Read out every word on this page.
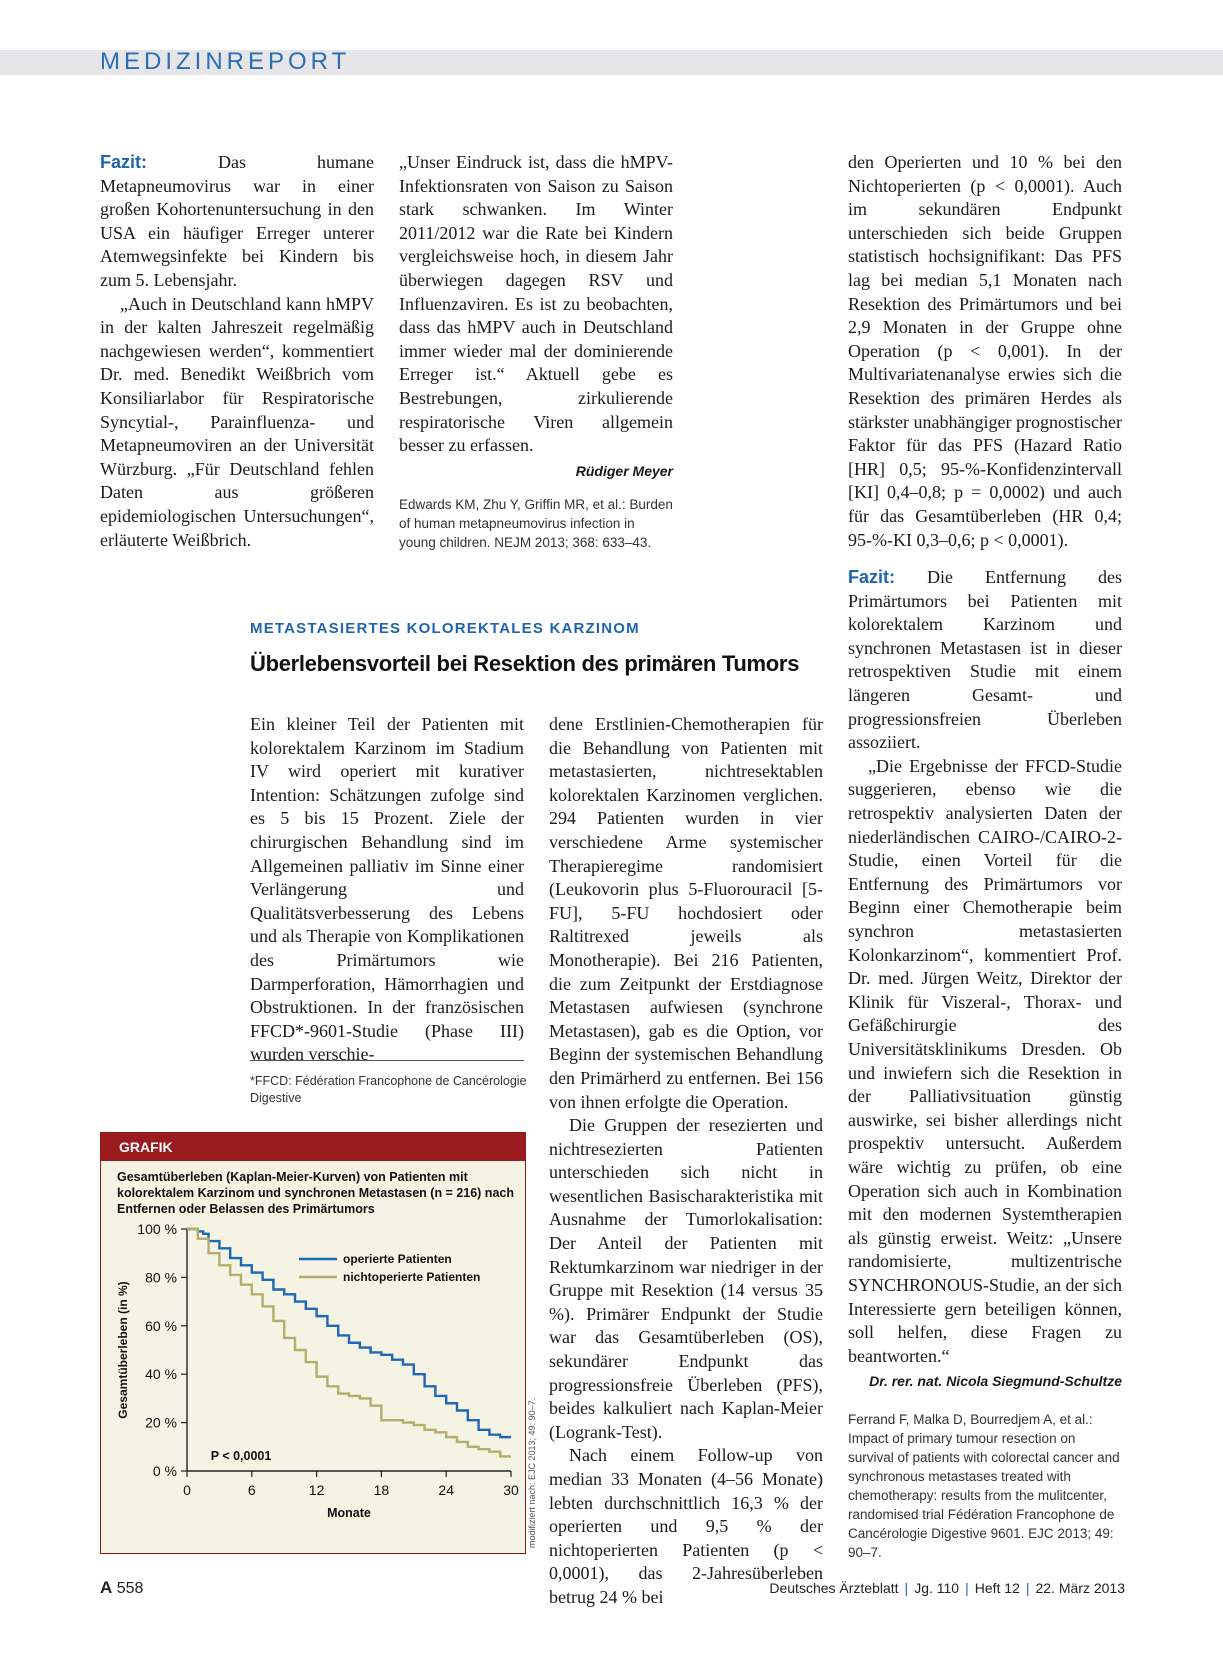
MEDIZINREPORT

Fazit: Das humane Metapneumovirus war in einer großen Kohortenuntersuchung in den USA ein häufiger Erreger unterer Atemwegsinfekte bei Kindern bis zum 5. Lebensjahr.

„Auch in Deutschland kann hMPV in der kalten Jahreszeit regelmäßig nachgewiesen werden“, kommentiert Dr. med. Benedikt Weißbrich vom Konsiliarlabor für Respiratorische Syncytial-, Parainfluenza- und Metapneumoviren an der Universität Würzburg. „Für Deutschland fehlen Daten aus größeren epidemiologischen Untersuchungen“, erläuterte Weißbrich.

„Unser Eindruck ist, dass die hMPV-Infektionsraten von Saison zu Saison stark schwanken. Im Winter 2011/2012 war die Rate bei Kindern vergleichsweise hoch, in diesem Jahr überwiegen dagegen RSV und Influenzaviren. Es ist zu beobachten, dass das hMPV auch in Deutschland immer wieder mal der dominierende Erreger ist.“ Aktuell gebe es Bestrebungen, zirkulierende respiratorische Viren allgemein besser zu erfassen.

Rüdiger Meyer
Edwards KM, Zhu Y, Griffin MR, et al.: Burden of human metapneumovirus infection in young children. NEJM 2013; 368: 633–43.
METASTASIERTES KOLOREKTALES KARZINOM
Überlebensvorteil bei Resektion des primären Tumors

Ein kleiner Teil der Patienten mit kolorektalem Karzinom im Stadium IV wird operiert mit kurativer Intention: Schätzungen zufolge sind es 5 bis 15 Prozent. Ziele der chirurgischen Behandlung sind im Allgemeinen palliativ im Sinne einer Verlängerung und Qualitätsverbesserung des Lebens und als Therapie von Komplikationen des Primärtumors wie Darmperforation, Hämorrhagien und Obstruktionen. In der französischen FFCD*-9601-Studie (Phase III) wurden verschie-

*FFCD: Fédération Francophone de Cancérologie Digestive
GRAFIK
Gesamtüberleben (Kaplan-Meier-Kurven) von Patienten mit kolorektalem Karzinom und synchronen Metastasen (n = 216) nach Entfernen oder Belassen des Primärtumors
0 %
20 %
40 %
60 %
80 %
100 %
0	6	12	18	24	30
Monate
Gesamtüberleben (in %)
operierte Patienten
nichtoperierte Patienten
P < 0,0001	modifiziert nach: EJC 2013; 49: 90–7.

dene Erstlinien-Chemotherapien für die Behandlung von Patienten mit metastasierten, nichtresektablen kolorektalen Karzinomen verglichen. 294 Patienten wurden in vier verschiedene Arme systemischer Therapieregime randomisiert (Leukovorin plus 5-Fluorouracil [5-FU], 5-FU hochdosiert oder Raltitrexed jeweils als Monotherapie). Bei 216 Patienten, die zum Zeitpunkt der Erstdiagnose Metastasen aufwiesen (synchrone Metastasen), gab es die Option, vor Beginn der systemischen Behandlung den Primärherd zu entfernen. Bei 156 von ihnen erfolgte die Operation.

Die Gruppen der resezierten und nichtresezierten Patienten unterschieden sich nicht in wesentlichen Basischarakteristika mit Ausnahme der Tumorlokalisation: Der Anteil der Patienten mit Rektumkarzinom war niedriger in der Gruppe mit Resektion (14 versus 35 %). Primärer Endpunkt der Studie war das Gesamtüberleben (OS), sekundärer Endpunkt das progressionsfreie Überleben (PFS), beides kalkuliert nach Kaplan-Meier (Logrank-Test).

Nach einem Follow-up von median 33 Monaten (4–56 Monate) lebten durchschnittlich 16,3 % der operierten und 9,5 % der nichtoperierten Patienten (p < 0,0001), das 2-Jahresüberleben betrug 24 % bei

den Operierten und 10 % bei den Nichtoperierten (p < 0,0001). Auch im sekundären Endpunkt unterschieden sich beide Gruppen statistisch hochsignifikant: Das PFS lag bei median 5,1 Monaten nach Resektion des Primärtumors und bei 2,9 Monaten in der Gruppe ohne Operation (p < 0,001). In der Multivariatenanalyse erwies sich die Resektion des primären Herdes als stärkster unabhängiger prognostischer Faktor für das PFS (Hazard Ratio [HR] 0,5; 95-%-Konfidenzintervall [KI] 0,4–0,8; p = 0,0002) und auch für das Gesamtüberleben (HR 0,4; 95-%-KI 0,3–0,6; p < 0,0001).

Fazit: Die Entfernung des Primärtumors bei Patienten mit kolorektalem Karzinom und synchronen Metastasen ist in dieser retrospektiven Studie mit einem längeren Gesamt- und progressionsfreien Überleben assoziiert.

„Die Ergebnisse der FFCD-Studie suggerieren, ebenso wie die retrospektiv analysierten Daten der niederländischen CAIRO-/CAIRO-2-Studie, einen Vorteil für die Entfernung des Primärtumors vor Beginn einer Chemotherapie beim synchron metastasierten Kolonkarzinom“, kommentiert Prof. Dr. med. Jürgen Weitz, Direktor der Klinik für Viszeral-, Thorax- und Gefäßchirurgie des Universitätsklinikums Dresden. Ob und inwiefern sich die Resektion in der Palliativsituation günstig auswirke, sei bisher allerdings nicht prospektiv untersucht. Außerdem wäre wichtig zu prüfen, ob eine Operation sich auch in Kombination mit den modernen Systemtherapien als günstig erweist. Weitz: „Unsere randomisierte, multizentrische SYNCHRONOUS-Studie, an der sich Interessierte gern beteiligen können, soll helfen, diese Fragen zu beantworten.“

Dr. rer. nat. Nicola Siegmund-Schultze
Ferrand F, Malka D, Bourredjem A, et al.: Impact of primary tumour resection on survival of patients with colorectal cancer and synchronous metastases treated with chemotherapy: results from the mulitcenter, randomised trial Fédération Francophone de Cancérologie Digestive 9601. EJC 2013; 49: 90–7.
A 558	Deutsches Ärzteblatt | Jg. 110 | Heft 12 | 22. März 2013
